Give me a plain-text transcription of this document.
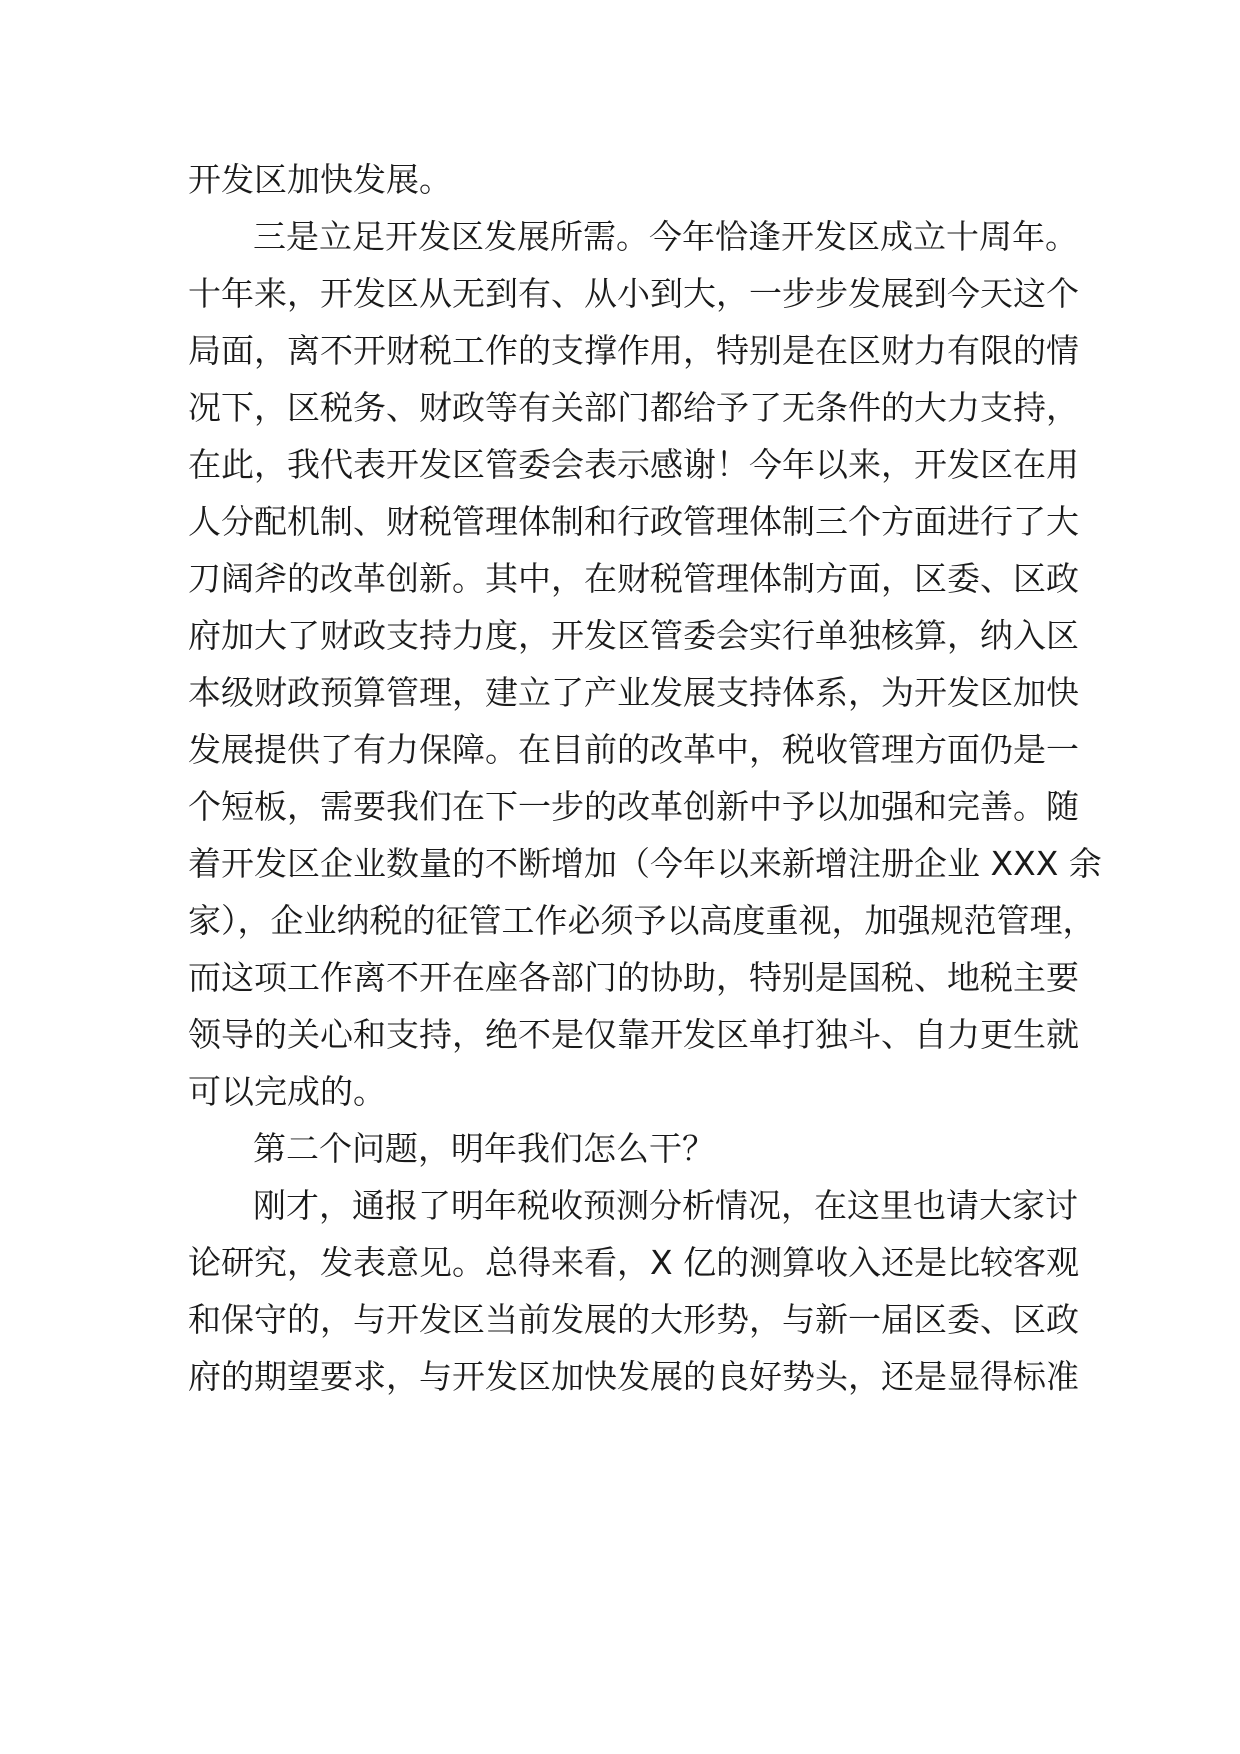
开发区加快发展。
三是立足开发区发展所需。今年恰逢开发区成立十周年。
十年来，开发区从无到有、从小到大，一步步发展到今天这个
局面，离不开财税工作的支撑作用，特别是在区财力有限的情
况下，区税务、财政等有关部门都给予了无条件的大力支持，
在此，我代表开发区管委会表示感谢！今年以来，开发区在用
人分配机制、财税管理体制和行政管理体制三个方面进行了大
刀阔斧的改革创新。其中，在财税管理体制方面，区委、区政
府加大了财政支持力度，开发区管委会实行单独核算，纳入区
本级财政预算管理，建立了产业发展支持体系，为开发区加快
发展提供了有力保障。在目前的改革中，税收管理方面仍是一
个短板，需要我们在下一步的改革创新中予以加强和完善。随
着开发区企业数量的不断增加（今年以来新增注册企业 XXX 余
家），企业纳税的征管工作必须予以高度重视，加强规范管理，
而这项工作离不开在座各部门的协助，特别是国税、地税主要
领导的关心和支持，绝不是仅靠开发区单打独斗、自力更生就
可以完成的。
第二个问题，明年我们怎么干？
刚才，通报了明年税收预测分析情况，在这里也请大家讨
论研究，发表意见。总得来看，X 亿的测算收入还是比较客观
和保守的，与开发区当前发展的大形势，与新一届区委、区政
府的期望要求，与开发区加快发展的良好势头，还是显得标准
